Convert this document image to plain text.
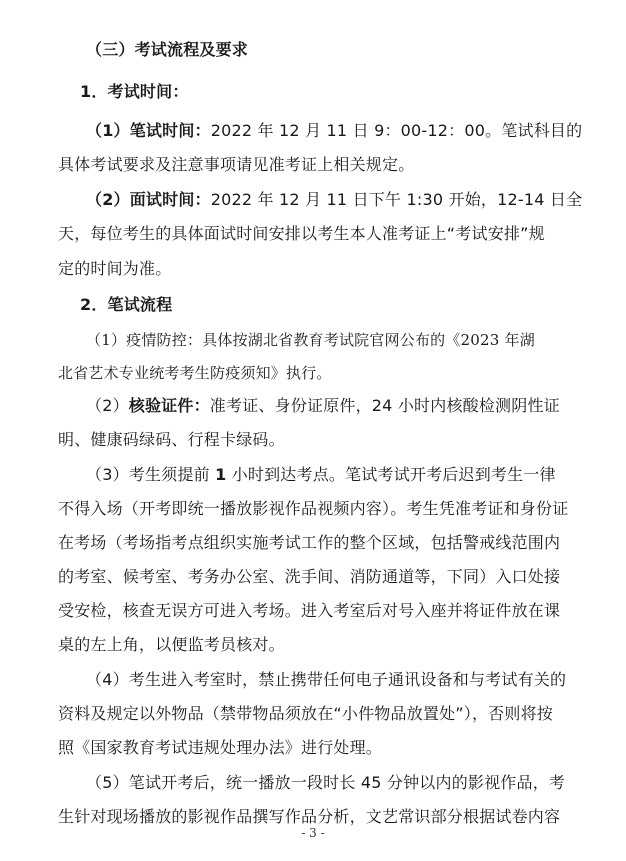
（三）考试流程及要求
1．考试时间：
（1）笔试时间：2022 年 12 月 11 日 9：00-12：00。笔试科目的
具体考试要求及注意事项请见准考证上相关规定。
（2）面试时间：2022 年 12 月 11 日下午 1:30 开始，12-14 日全
天，每位考生的具体面试时间安排以考生本人准考证上“考试安排”规
定的时间为准。
2．笔试流程
（1）疫情防控：具体按湖北省教育考试院官网公布的《2023 年湖
北省艺术专业统考考生防疫须知》执行。
（2）核验证件：准考证、身份证原件，24 小时内核酸检测阴性证
明、健康码绿码、行程卡绿码。
（3）考生须提前 1 小时到达考点。笔试考试开考后迟到考生一律
不得入场（开考即统一播放影视作品视频内容）。考生凭准考证和身份证
在考场（考场指考点组织实施考试工作的整个区域，包括警戒线范围内
的考室、候考室、考务办公室、洗手间、消防通道等，下同）入口处接
受安检，核查无误方可进入考场。进入考室后对号入座并将证件放在课
桌的左上角，以便监考员核对。
（4）考生进入考室时，禁止携带任何电子通讯设备和与考试有关的
资料及规定以外物品（禁带物品须放在“小件物品放置处”），否则将按
照《国家教育考试违规处理办法》进行处理。
（5）笔试开考后，统一播放一段时长 45 分钟以内的影视作品，考
生针对现场播放的影视作品撰写作品分析，文艺常识部分根据试卷内容
- 3 -
